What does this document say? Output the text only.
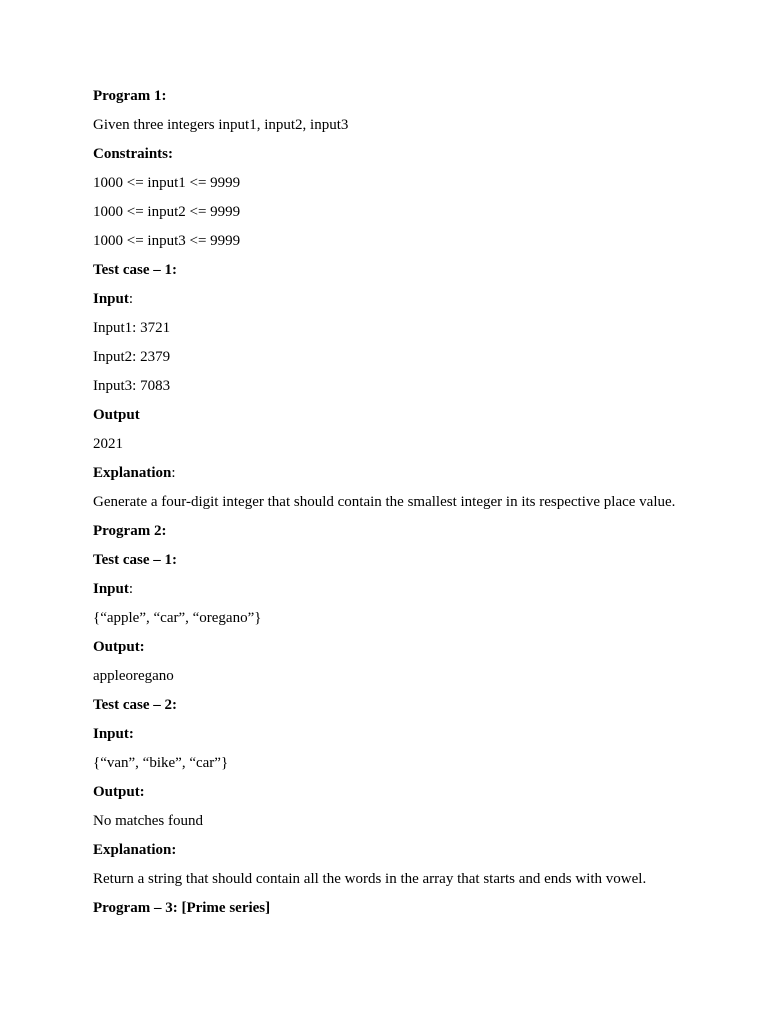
Program 1:

Given three integers input1, input2, input3

Constraints:

1000 <= input1 <= 9999

1000 <= input2 <= 9999

1000 <= input3 <= 9999

Test case – 1:

Input:

Input1: 3721

Input2: 2379

Input3: 7083

Output

2021

Explanation:

Generate a four-digit integer that should contain the smallest integer in its respective place value.

Program 2:

Test case – 1:

Input:

{“apple”, “car”, “oregano”}

Output:

appleoregano

Test case – 2:

Input:

{“van”, “bike”, “car”}

Output:

No matches found

Explanation:

Return a string that should contain all the words in the array that starts and ends with vowel.

Program – 3: [Prime series]
